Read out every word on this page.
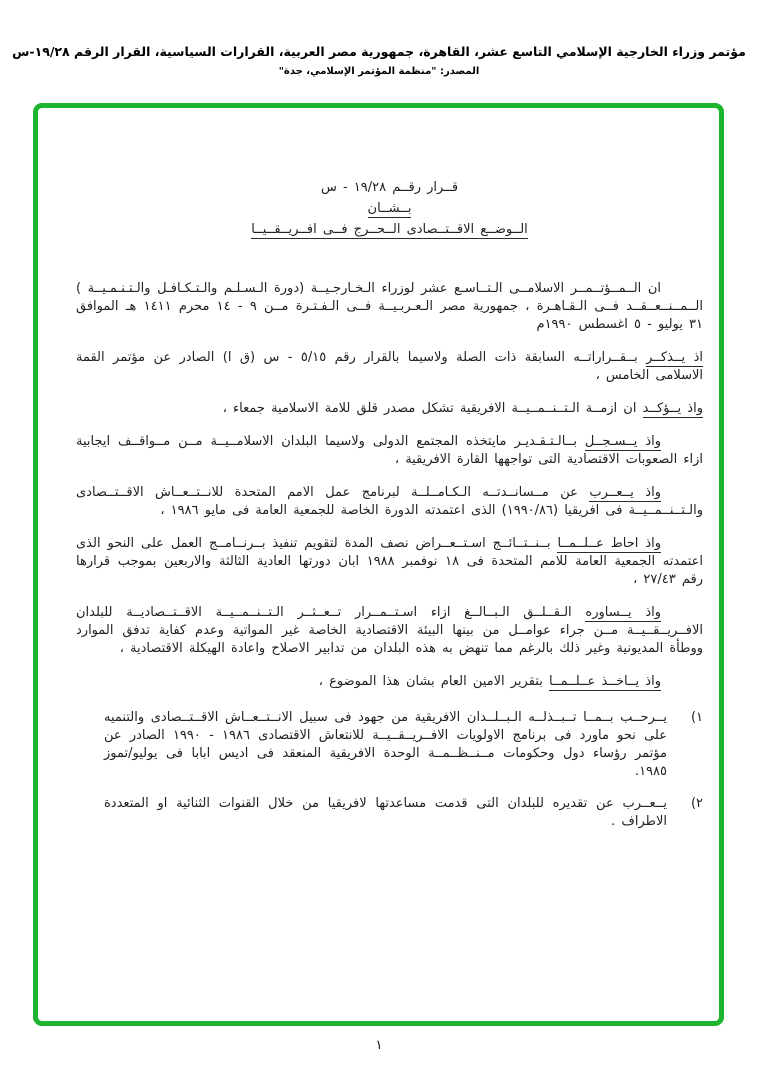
مؤتمر وزراء الخارجية الإسلامي التاسع عشر، القاهرة، جمهورية مصر العربية، القرارات السياسية، القرار الرقم ١٩/٢٨-س
المصدر: "منظمة المؤتمر الإسلامي، جدة"
قــرار رقــم ١٩/٢٨ - س
بــشــان
الــوضــع الاقــتــصادى الــحــرج فــى افــريــقــيــا

ان الــمــؤتــمــر الاسلامــى الـتــاسـع عشر لوزراء الـخـارجـيــة (دورة الـسـلـم والـتـكـافـل والـتـنـمـيــة ) الــمــنــعــقــد فــى الـقـاهـرة ، جمهورية مصر الـعـربـيــة فــى الـفـتـرة مــن ٩ - ١٤ محرم ١٤١١ هـ الموافق ٣١ يوليو - ٥ اغسطس ١٩٩٠م

اذ يــذكــر بــقــراراتــه السابقة ذات الصلة ولاسيما بالقرار رقم ٥/١٥ - س (ق ا) الصادر عن مؤتمر القمة الاسلامى الخامس ،

واذ يــؤكــد ان ازمــة الـتــنــمــيــة الافريقية تشكل مصدر قلق للامة الاسلامية جمعاء ،

واذ يــسـجــل بــالـتـقـديـر مايتخذه المجتمع الدولى ولاسيما البلدان الاسلامــيــة مــن مــواقــف ايجابية ازاء الصعوبات الاقتصادية التى تواجهها القارة الافريقية ،

واذ يــعــرب عن مــسانــدتــه الـكـامــلــة لبرنامج عمل الامم المتحدة للانــتــعــاش الاقــتــصادى والـتــنــمــيــة فى افريقيا (١٩٩٠/٨٦) الذى اعتمدته الدورة الخاصة للجمعية العامة فى مايو ١٩٨٦ ،

واذ احاط عــلــمــا بــنــتــائــج اسـتــعــراض نصف المدة لتقويم تنفيذ بــرنــامــج العمل على النحو الذى اعتمدته الجمعية العامة للامم المتحدة فى ١٨ نوفمبر ١٩٨٨ ابان دورتها العادية الثالثة والاربعين بموجب قرارها رقم ٢٧/٤٣ ،

واذ يــساوره الـقــلــق الـبــالــغ ازاء اسـتــمــرار تــعــثــر الـتــنــمــيــة الاقــتــصاديــة للبلدان الافــريــقــيــة مــن جراء عوامــل من بينها البيئة الاقتصادية الخاصة غير المواتية وعدم كفاية تدفق الموارد ووطأة المديونية وغير ذلك بالرغم مما تنهض به هذه البلدان من تدابير الاصلاح واعادة الهيكلة الاقتصادية ،

واذ يــاخــذ عــلــمــا بتقرير الامين العام بشان هذا الموضوع ،

١)
يــرحــب بــمــا تــبــذلــه الـبــلــدان الافريقية من جهود فى سبيل الانــتــعــاش الاقــتــصادى والتنميه على نحو ماورد فى برنامج الاولويات الافــريــقــيــة للانتعاش الاقتصادى ١٩٨٦ - ١٩٩٠ الصادر عن مؤتمر رؤساء دول وحكومات مــنــظــمــة الوحدة الافريقية المنعقد فى اديس ابابا فى يوليو/تموز ١٩٨٥.
٢)
يــعــرب عن تقديره للبلدان التى قدمت مساعدتها لافريقيا من خلال القنوات الثنائية او المتعددة الاطراف .
١
